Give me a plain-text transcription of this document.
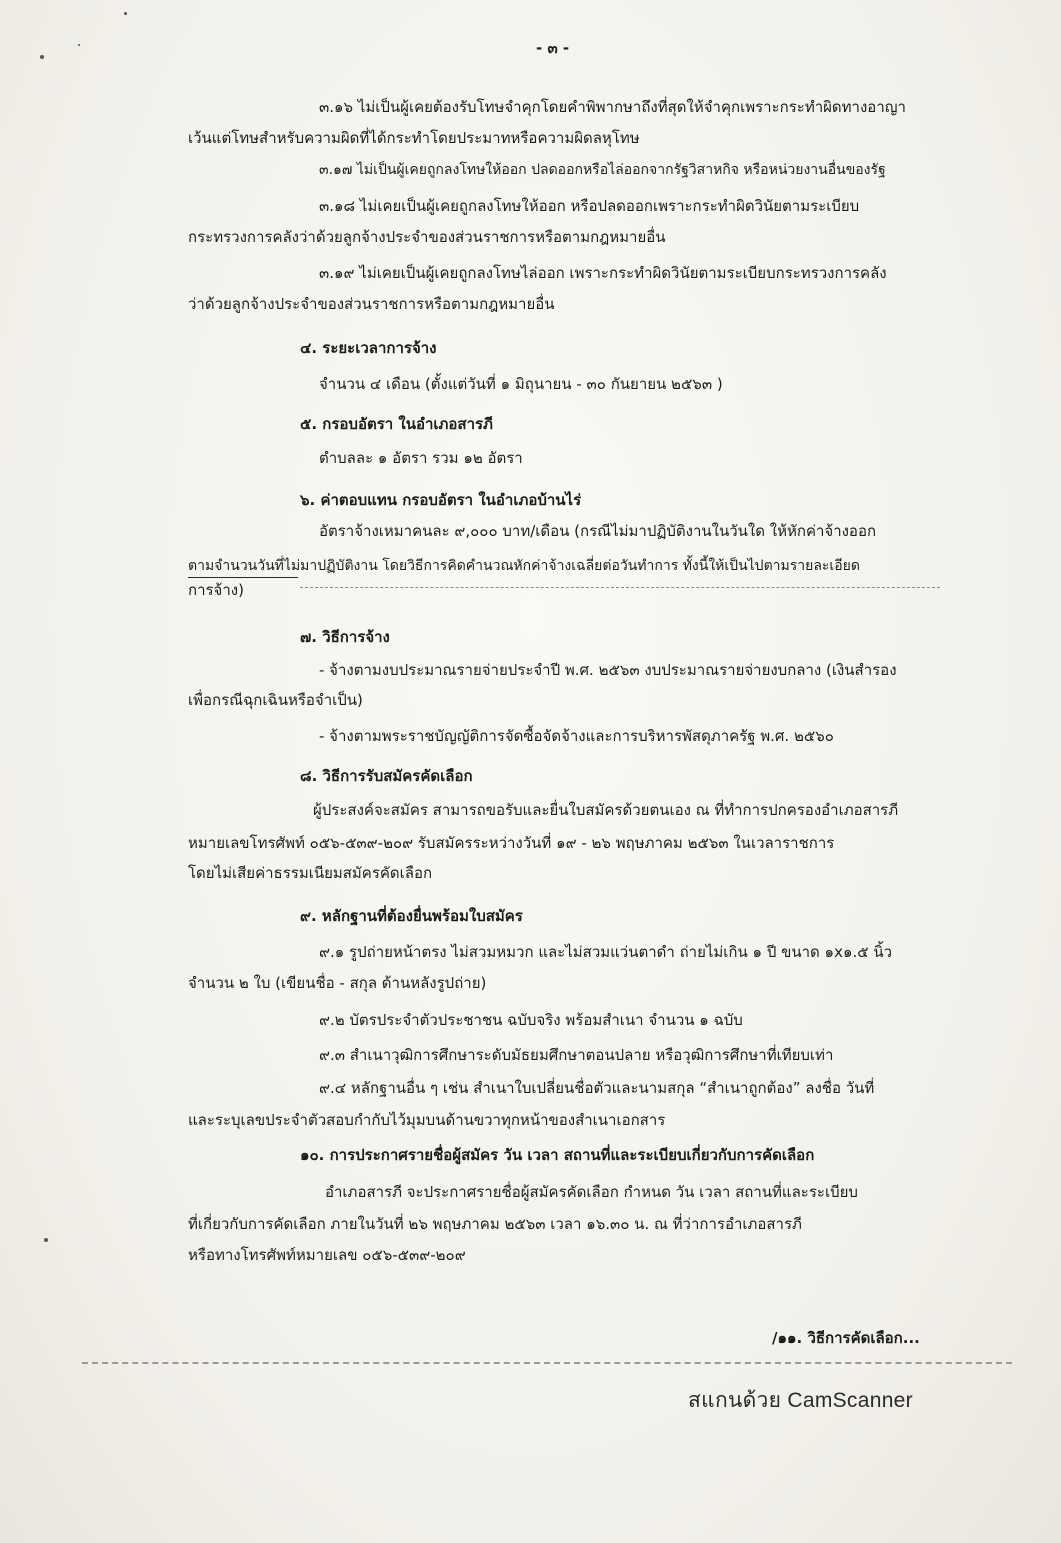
- ๓ -
๓.๑๖ ไม่เป็นผู้เคยต้องรับโทษจำคุกโดยคำพิพากษาถึงที่สุดให้จำคุกเพราะกระทำผิดทางอาญา
เว้นแต่โทษสำหรับความผิดที่ได้กระทำโดยประมาทหรือความผิดลหุโทษ
๓.๑๗ ไม่เป็นผู้เคยถูกลงโทษให้ออก ปลดออกหรือไล่ออกจากรัฐวิสาหกิจ หรือหน่วยงานอื่นของรัฐ
๓.๑๘ ไม่เคยเป็นผู้เคยถูกลงโทษให้ออก หรือปลดออกเพราะกระทำผิดวินัยตามระเบียบ
กระทรวงการคลังว่าด้วยลูกจ้างประจำของส่วนราชการหรือตามกฎหมายอื่น
๓.๑๙ ไม่เคยเป็นผู้เคยถูกลงโทษไล่ออก เพราะกระทำผิดวินัยตามระเบียบกระทรวงการคลัง
ว่าด้วยลูกจ้างประจำของส่วนราชการหรือตามกฎหมายอื่น
๔. ระยะเวลาการจ้าง
จำนวน ๔ เดือน (ตั้งแต่วันที่ ๑ มิถุนายน - ๓๐ กันยายน ๒๕๖๓ )
๕. กรอบอัตรา ในอำเภอสารภี
ตำบลละ ๑ อัตรา รวม ๑๒ อัตรา
๖. ค่าตอบแทน กรอบอัตรา ในอำเภอบ้านไร่
อัตราจ้างเหมาคนละ ๙,๐๐๐ บาท/เดือน (กรณีไม่มาปฏิบัติงานในวันใด ให้หักค่าจ้างออก
ตามจำนวนวันที่ไม่มาปฏิบัติงาน โดยวิธีการคิดคำนวณหักค่าจ้างเฉลี่ยต่อวันทำการ ทั้งนี้ให้เป็นไปตามรายละเอียด
การจ้าง)
๗. วิธีการจ้าง
- จ้างตามงบประมาณรายจ่ายประจำปี พ.ศ. ๒๕๖๓ งบประมาณรายจ่ายงบกลาง (เงินสำรอง
เพื่อกรณีฉุกเฉินหรือจำเป็น)
- จ้างตามพระราชบัญญัติการจัดซื้อจัดจ้างและการบริหารพัสดุภาครัฐ พ.ศ. ๒๕๖๐
๘. วิธีการรับสมัครคัดเลือก
ผู้ประสงค์จะสมัคร สามารถขอรับและยื่นใบสมัครด้วยตนเอง ณ ที่ทำการปกครองอำเภอสารภี
หมายเลขโทรศัพท์ ๐๕๖-๕๓๙-๒๐๙ รับสมัครระหว่างวันที่ ๑๙ - ๒๖ พฤษภาคม ๒๕๖๓ ในเวลาราชการ
โดยไม่เสียค่าธรรมเนียมสมัครคัดเลือก
๙. หลักฐานที่ต้องยื่นพร้อมใบสมัคร
๙.๑ รูปถ่ายหน้าตรง ไม่สวมหมวก และไม่สวมแว่นตาดำ ถ่ายไม่เกิน ๑ ปี ขนาด ๑x๑.๕ นิ้ว
จำนวน ๒ ใบ (เขียนชื่อ - สกุล ด้านหลังรูปถ่าย)
๙.๒ บัตรประจำตัวประชาชน ฉบับจริง พร้อมสำเนา จำนวน ๑ ฉบับ
๙.๓ สำเนาวุฒิการศึกษาระดับมัธยมศึกษาตอนปลาย หรือวุฒิการศึกษาที่เทียบเท่า
๙.๔ หลักฐานอื่น ๆ เช่น สำเนาใบเปลี่ยนชื่อตัวและนามสกุล “สำเนาถูกต้อง” ลงชื่อ วันที่
และระบุเลขประจำตัวสอบกำกับไว้มุมบนด้านขวาทุกหน้าของสำเนาเอกสาร
๑๐. การประกาศรายชื่อผู้สมัคร วัน เวลา สถานที่และระเบียบเกี่ยวกับการคัดเลือก
อำเภอสารภี จะประกาศรายชื่อผู้สมัครคัดเลือก กำหนด วัน เวลา สถานที่และระเบียบ
ที่เกี่ยวกับการคัดเลือก ภายในวันที่ ๒๖ พฤษภาคม ๒๕๖๓ เวลา ๑๖.๓๐ น. ณ ที่ว่าการอำเภอสารภี
หรือทางโทรศัพท์หมายเลข ๐๕๖-๕๓๙-๒๐๙
/๑๑. วิธีการคัดเลือก...
สแกนด้วย CamScanner
